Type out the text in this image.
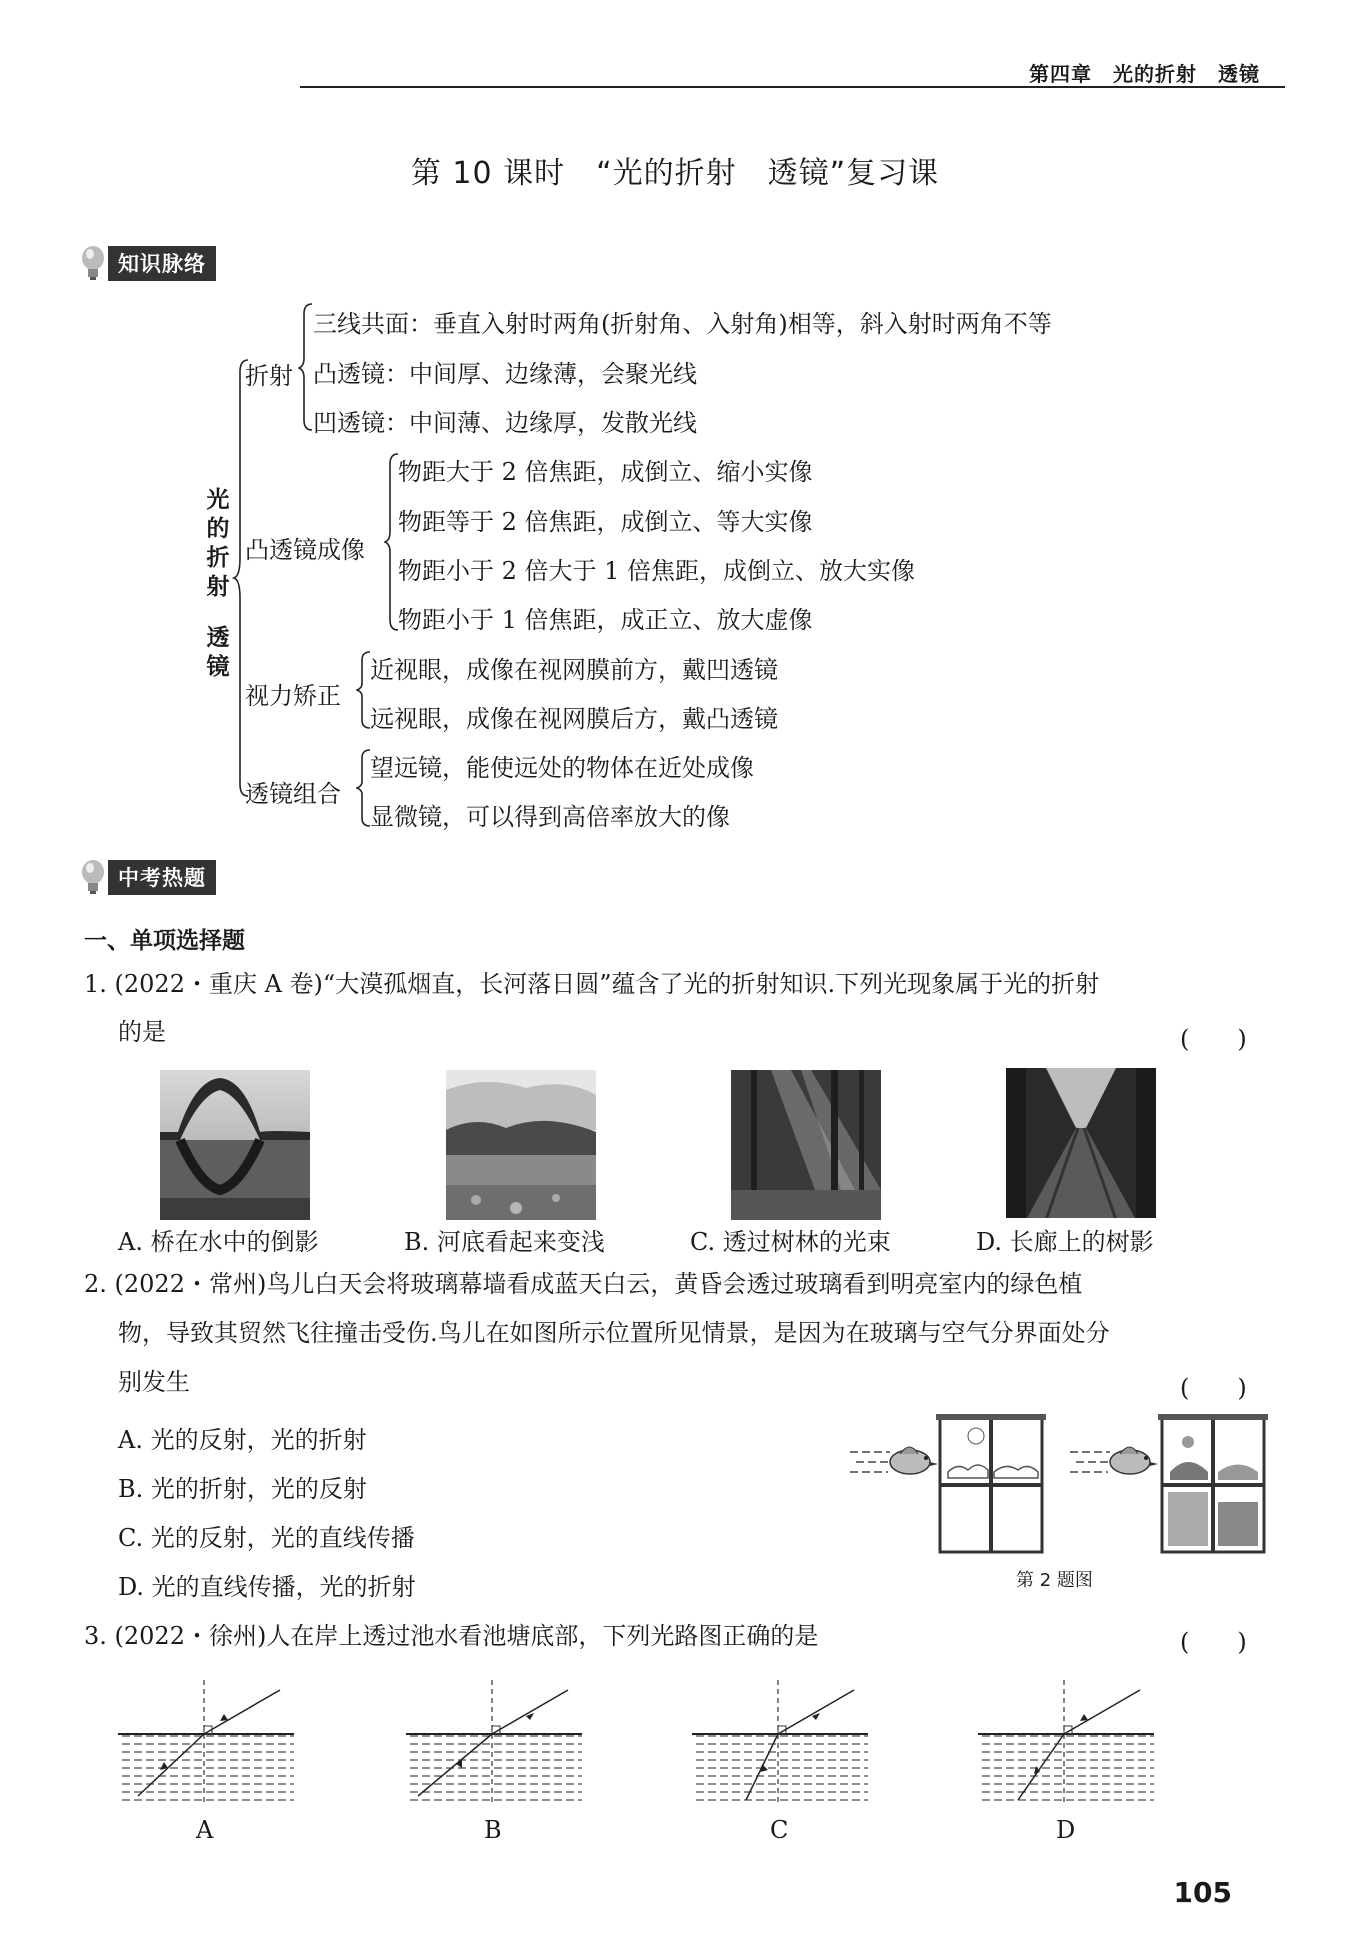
第四章　光的折射　透镜
第 10 课时　“光的折射　透镜”复习课
知识脉络
光
的
折
射
透
镜
折射
三线共面：垂直入射时两角(折射角、入射角)相等，斜入射时两角不等
凸透镜：中间厚、边缘薄，会聚光线
凹透镜：中间薄、边缘厚，发散光线
凸透镜成像
物距大于 2 倍焦距，成倒立、缩小实像
物距等于 2 倍焦距，成倒立、等大实像
物距小于 2 倍大于 1 倍焦距，成倒立、放大实像
物距小于 1 倍焦距，成正立、放大虚像
视力矫正
近视眼，成像在视网膜前方，戴凹透镜
远视眼，成像在视网膜后方，戴凸透镜
透镜组合
望远镜，能使远处的物体在近处成像
显微镜，可以得到高倍率放大的像
中考热题
一、单项选择题
1. (2022・重庆 A 卷)“大漠孤烟直，长河落日圆”蕴含了光的折射知识.下列光现象属于光的折射
的是	(　　)
A. 桥在水中的倒影	B. 河底看起来变浅	C. 透过树林的光束	D. 长廊上的树影
2. (2022・常州)鸟儿白天会将玻璃幕墙看成蓝天白云，黄昏会透过玻璃看到明亮室内的绿色植
物，导致其贸然飞往撞击受伤.鸟儿在如图所示位置所见情景，是因为在玻璃与空气分界面处分
别发生	(　　)
A. 光的反射，光的折射
B. 光的折射，光的反射
C. 光的反射，光的直线传播
D. 光的直线传播，光的折射	第 2 题图
3. (2022・徐州)人在岸上透过池水看池塘底部，下列光路图正确的是	(　　)
A	B	C	D
105
